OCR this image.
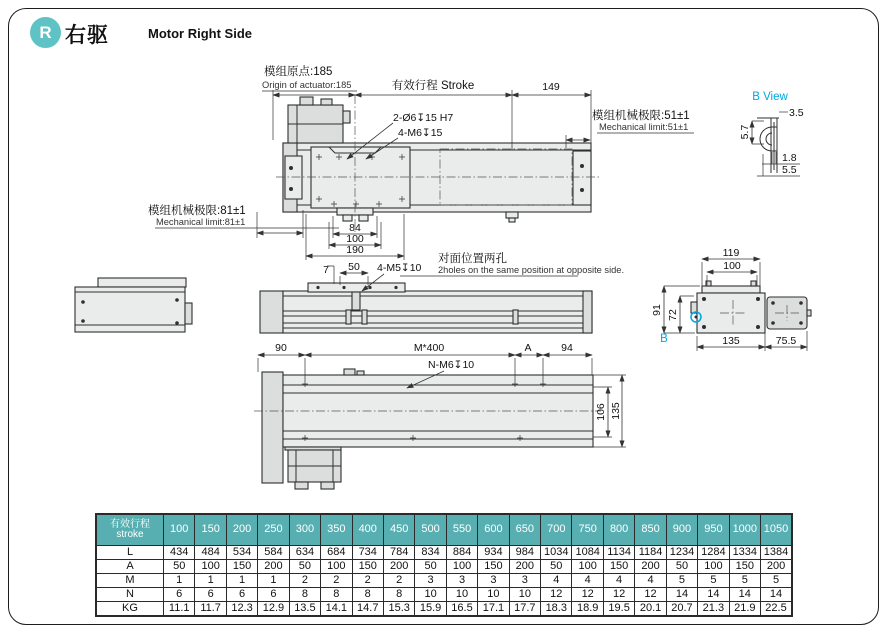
R 右驱	Motor Right Side
模组原点:185
Origin of actuator:185	有效行程 Stroke	149
2-Ø6↧15 H7
4-M6↧15
模组机械极限:51±1
Mechanical limit:51±1
模组机械极限:81±1
Mechanical limit:81±1	84
100
190
B View
3.5
5.7
1.8
5.5
7 50 4-M5↧10
对面位置两孔
2holes on the same position at opposite side.
90	M*400	A	94
N-M6↧10
106 135
119
100
91 72
B	135	75.5
有效行程
stroke	100	150	200	250	300	350	400	450	500	550	600	650	700	750	800	850	900	950	1000	1050
L	434	484	534	584	634	684	734	784	834	884	934	984	1034	1084	1134	1184	1234	1284	1334	1384
A	50	100	150	200	50	100	150	200	50	100	150	200	50	100	150	200	50	100	150	200
M	1	1	1	1	2	2	2	2	3	3	3	3	4	4	4	4	5	5	5	5
N	6	6	6	6	8	8	8	8	10	10	10	10	12	12	12	12	14	14	14	14
KG	11.1	11.7	12.3	12.9	13.5	14.1	14.7	15.3	15.9	16.5	17.1	17.7	18.3	18.9	19.5	20.1	20.7	21.3	21.9	22.5
